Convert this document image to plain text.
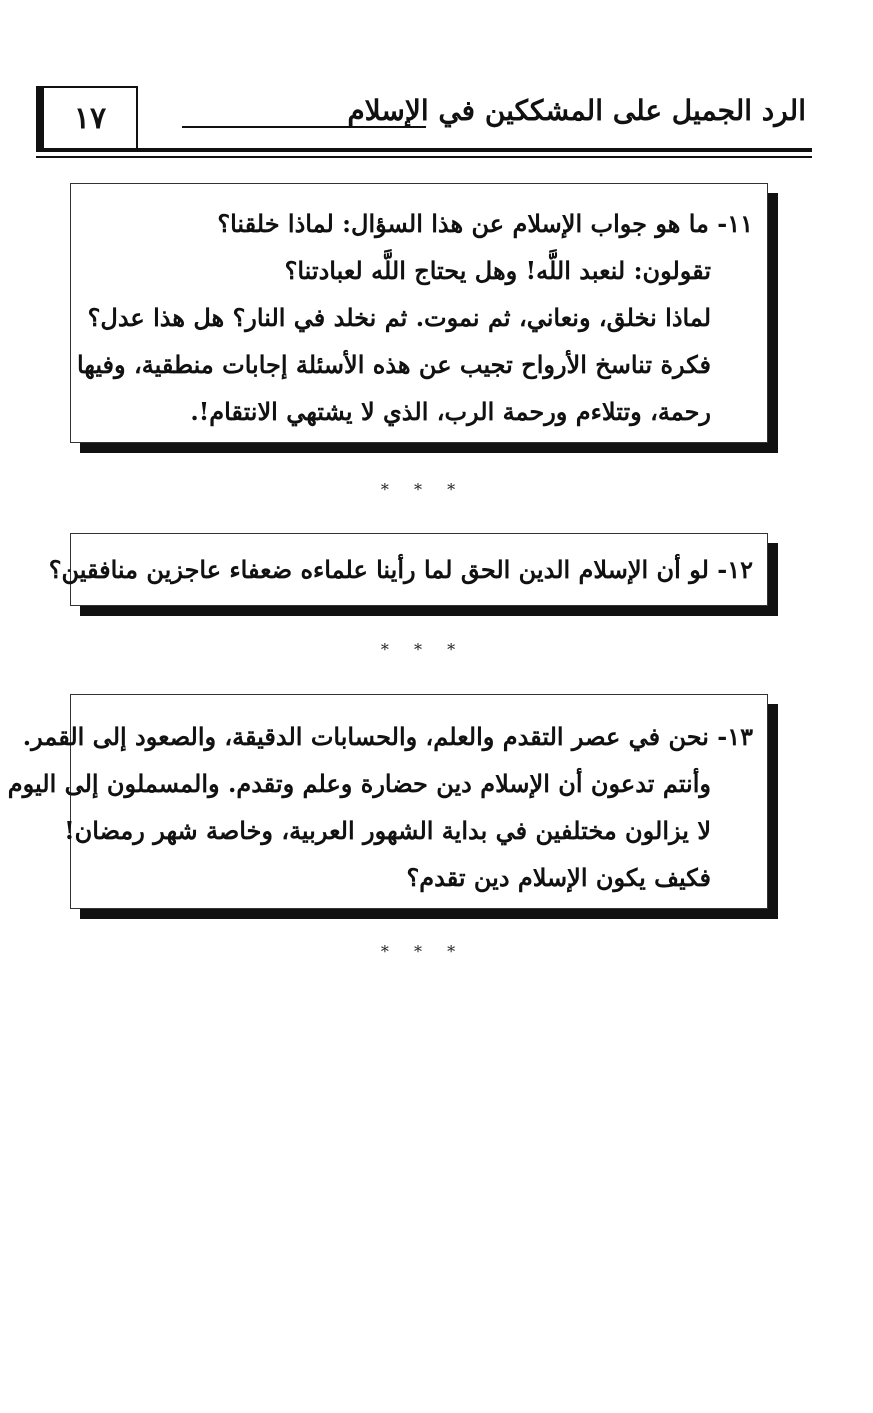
١٧	الرد الجميل على المشككين في الإسلام
١١- ما هو جواب الإسلام عن هذا السؤال: لماذا خلقنا؟
تقولون: لنعبد اللَّه! وهل يحتاج اللَّه لعبادتنا؟
لماذا نخلق، ونعاني، ثم نموت. ثم نخلد في النار؟ هل هذا عدل؟
فكرة تناسخ الأرواح تجيب عن هذه الأسئلة إجابات منطقية، وفيها
رحمة، وتتلاءم ورحمة الرب، الذي لا يشتهي الانتقام!.
* * *
١٢- لو أن الإسلام الدين الحق لما رأينا علماءه ضعفاء عاجزين منافقين؟
* * *
١٣- نحن في عصر التقدم والعلم، والحسابات الدقيقة، والصعود إلى القمر.
وأنتم تدعون أن الإسلام دين حضارة وعلم وتقدم. والمسملون إلى اليوم
لا يزالون مختلفين في بداية الشهور العربية، وخاصة شهر رمضان!
فكيف يكون الإسلام دين تقدم؟
* * *
